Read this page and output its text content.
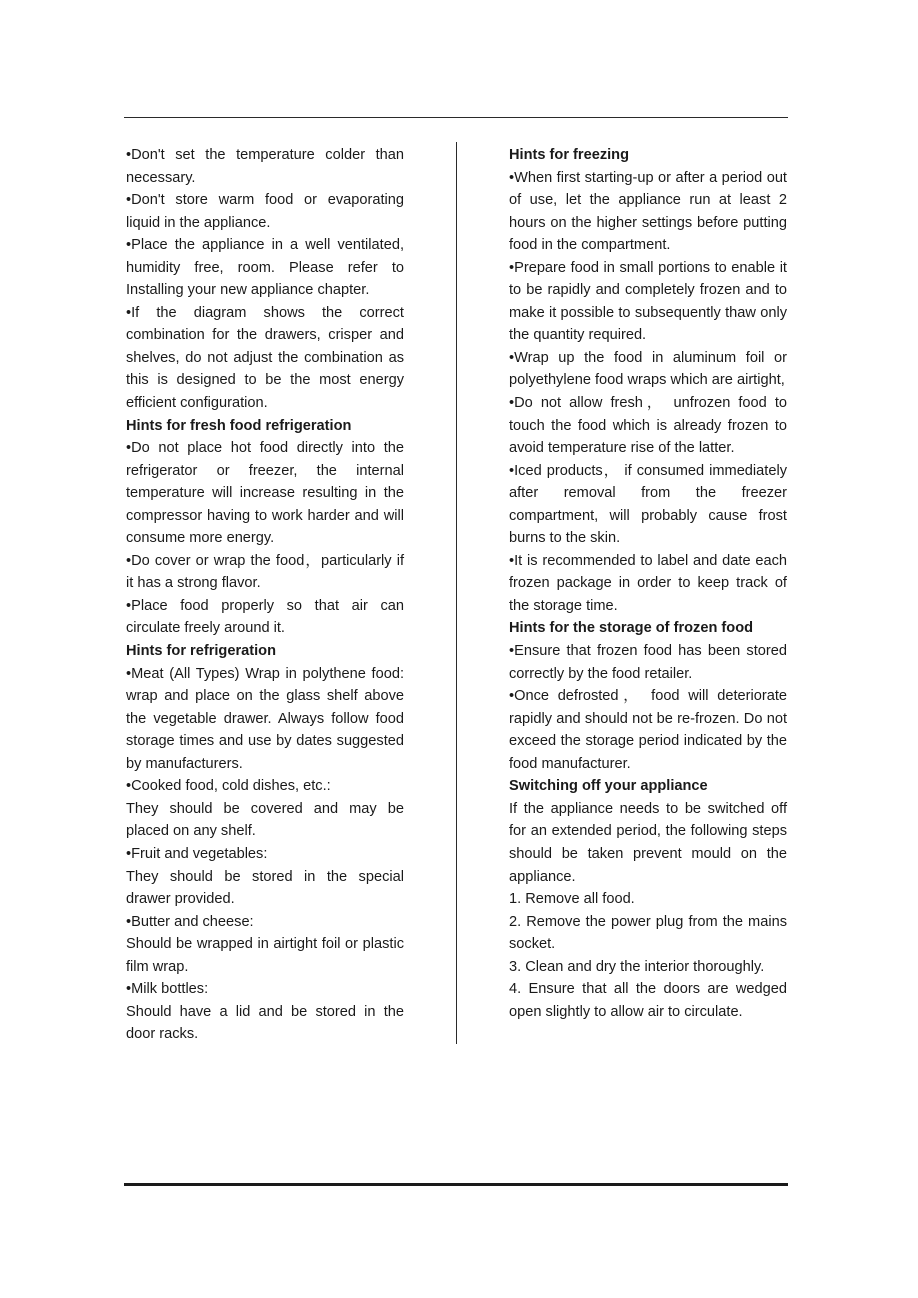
•Don't set the temperature colder than necessary.

•Don't store warm food or evaporating liquid in the appliance.

•Place the appliance in a well ventilated, humidity free, room. Please refer to Installing your new appliance chapter.

•If the diagram shows the correct combination for the drawers, crisper and shelves, do not adjust the combination as this is designed to be the most energy efficient configuration.

Hints for fresh food refrigeration

•Do not place hot food directly into the refrigerator or freezer, the internal temperature will increase resulting in the compressor having to work harder and will consume more energy.

•Do cover or wrap the food，particularly if it has a strong flavor.

•Place food properly so that air can circulate freely around it.

Hints for refrigeration

•Meat (All Types) Wrap in polythene food: wrap and place on the glass shelf above the vegetable drawer. Always follow food storage times and use by dates suggested by manufacturers.

•Cooked food, cold dishes, etc.:

They should be covered and may be placed on any shelf.

•Fruit and vegetables:

They should be stored in the special drawer provided.

•Butter and cheese:

Should be wrapped in airtight foil or plastic film wrap.

•Milk bottles:

Should have a lid and be stored in the door racks.

Hints for freezing

•When first starting-up or after a period out of use, let the appliance run at least 2 hours on the higher settings before putting food in the compartment.

•Prepare food in small portions to enable it to be rapidly and completely frozen and to make it possible to subsequently thaw only the quantity required.

•Wrap up the food in aluminum foil or polyethylene food wraps which are airtight,

•Do not allow fresh， unfrozen food to touch the food which is already frozen to avoid temperature rise of the latter.

•Iced products， if consumed immediately after removal from the freezer compartment, will probably cause frost burns to the skin.

•It is recommended to label and date each frozen package in order to keep track of the storage time.

Hints for the storage of frozen food

•Ensure that frozen food has been stored correctly by the food retailer.

•Once defrosted， food will deteriorate rapidly and should not be re-frozen. Do not exceed the storage period indicated by the food manufacturer.

Switching off your appliance

If the appliance needs to be switched off for an extended period, the following steps should be taken prevent mould on the appliance.

1. Remove all food.

2. Remove the power plug from the mains socket.

3. Clean and dry the interior thoroughly.

4. Ensure that all the doors are wedged open slightly to allow air to circulate.
